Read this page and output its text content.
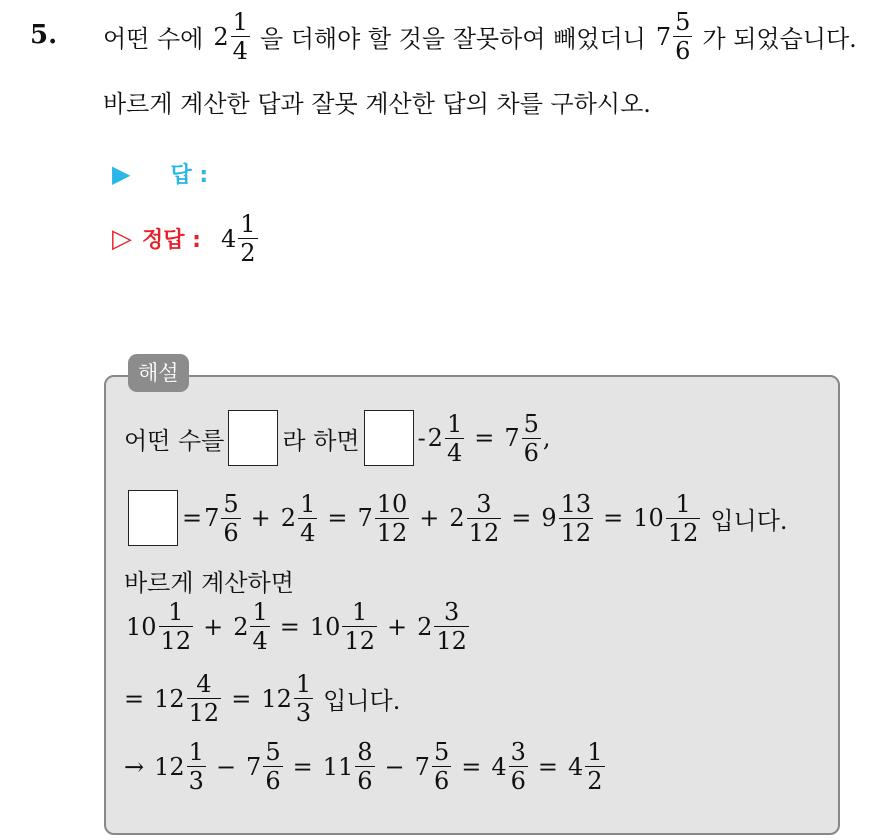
5. 어떤 수에 $2 \frac{1}{4}$ 을 더해야 할 것을 잘못하여 빼었더니 $7 \frac{5}{6}$ 가 되었습니다.
바르게 계산한 답과 잘못 계산한 답의 차를 구하시오.
▶ 답 :
▷ 정답 : $4 \frac{1}{2}$
해설
어떤 수를 라 하면 - $2 \frac{1}{4} = 7 \frac{5}{6}$ ,
= $7 \frac{5}{6} + 2 \frac{1}{4} = 7 \frac{10}{12} + 2 \frac{3}{12} = 9 \frac{13}{12} = 10 \frac{1}{12}$ 입니다.
바르게 계산하면
$10 \frac{1}{12} + 2 \frac{1}{4} = 10 \frac{1}{12} + 2 \frac{3}{12}$
= $12 \frac{4}{12} = 12 \frac{1}{3}$ 입니다.
→ $12 \frac{1}{3} - 7 \frac{5}{6} = 11 \frac{8}{6} - 7 \frac{5}{6} = 4 \frac{3}{6} = 4 \frac{1}{2}$
